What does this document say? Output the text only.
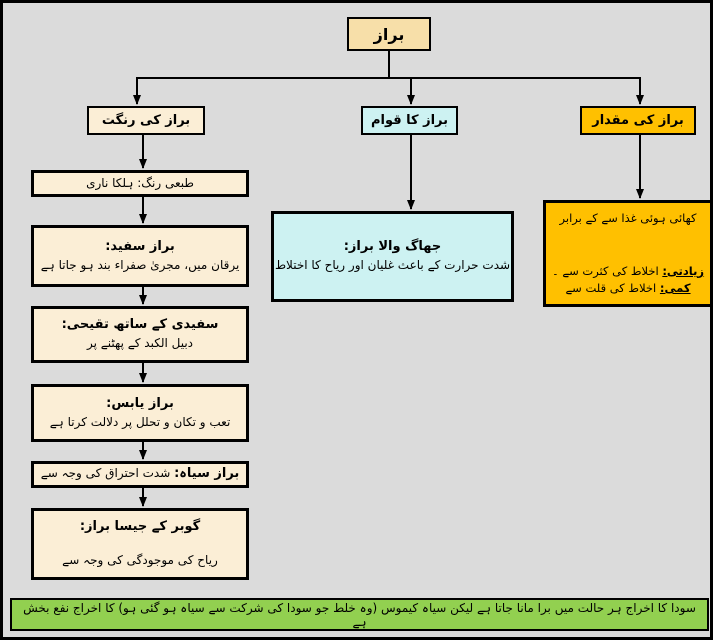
براز
براز کی رنگت	براز کا قوام	براز کی مقدار
طبعی رنگ: ہلکا ناری
براز سفید:
یرقان میں، مجریٰ صفراء بند ہو جاتا ہے
سفیدی کے ساتھ تقیحی:
دبیل الکبد کے پھٹنے پر
براز یابس:
تعب و تکان و تحلل پر دلالت کرتا ہے
براز سیاہ: شدت احتراق کی وجہ سے
گوبر کے جیسا براز:
ریاح کی موجودگی کی وجہ سے
جھاگ والا براز:
شدت حرارت کے باعث غلیان اور ریاح کا اختلاط
کھائی ہوئی غذا سے کے برابر
زیادتی: اخلاط کی کثرت سے ۔
کمی: اخلاط کی قلت سے
سودا کا اخراج ہر حالت میں برا مانا جاتا ہے لیکن سیاہ کیموس (وہ خلط جو سودا کی شرکت سے سیاہ ہو گئی ہو) کا اخراج نفع بخش ہے
